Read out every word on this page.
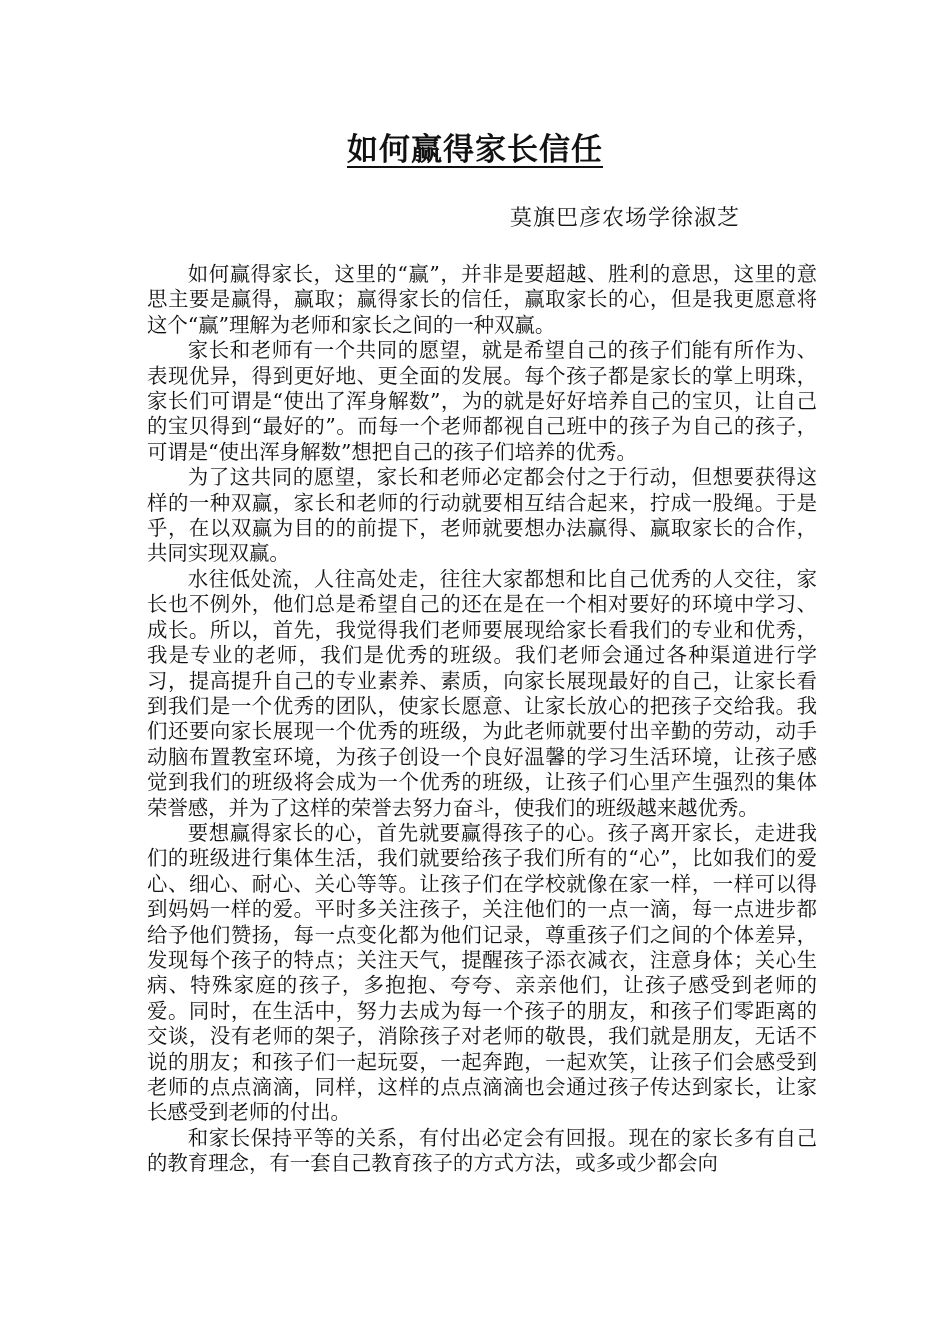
如何赢得家长信任
莫旗巴彦农场学徐淑芝

如何赢得家长，这里的“赢”，并非是要超越、胜利的意思，这里的意思主要是赢得，赢取；赢得家长的信任，赢取家长的心，但是我更愿意将这个“赢”理解为老师和家长之间的一种双赢。

家长和老师有一个共同的愿望，就是希望自己的孩子们能有所作为、表现优异，得到更好地、更全面的发展。每个孩子都是家长的掌上明珠，家长们可谓是“使出了浑身解数”，为的就是好好培养自己的宝贝，让自己的宝贝得到“最好的”。而每一个老师都视自己班中的孩子为自己的孩子，可谓是“使出浑身解数”想把自己的孩子们培养的优秀。

为了这共同的愿望，家长和老师必定都会付之于行动，但想要获得这样的一种双赢，家长和老师的行动就要相互结合起来，拧成一股绳。于是乎，在以双赢为目的的前提下，老师就要想办法赢得、赢取家长的合作，共同实现双赢。

水往低处流，人往高处走，往往大家都想和比自己优秀的人交往，家长也不例外，他们总是希望自己的还在是在一个相对要好的环境中学习、成长。所以，首先，我觉得我们老师要展现给家长看我们的专业和优秀，我是专业的老师，我们是优秀的班级。我们老师会通过各种渠道进行学习，提高提升自己的专业素养、素质，向家长展现最好的自己，让家长看到我们是一个优秀的团队，使家长愿意、让家长放心的把孩子交给我。我们还要向家长展现一个优秀的班级，为此老师就要付出辛勤的劳动，动手动脑布置教室环境，为孩子创设一个良好温馨的学习生活环境，让孩子感觉到我们的班级将会成为一个优秀的班级，让孩子们心里产生强烈的集体荣誉感，并为了这样的荣誉去努力奋斗，使我们的班级越来越优秀。

要想赢得家长的心，首先就要赢得孩子的心。孩子离开家长，走进我们的班级进行集体生活，我们就要给孩子我们所有的“心”，比如我们的爱心、细心、耐心、关心等等。让孩子们在学校就像在家一样，一样可以得到妈妈一样的爱。平时多关注孩子，关注他们的一点一滴，每一点进步都给予他们赞扬，每一点变化都为他们记录，尊重孩子们之间的个体差异，发现每个孩子的特点；关注天气，提醒孩子添衣减衣，注意身体；关心生病、特殊家庭的孩子，多抱抱、夸夸、亲亲他们，让孩子感受到老师的爱。同时，在生活中，努力去成为每一个孩子的朋友，和孩子们零距离的交谈，没有老师的架子，消除孩子对老师的敬畏，我们就是朋友，无话不说的朋友；和孩子们一起玩耍，一起奔跑，一起欢笑，让孩子们会感受到老师的点点滴滴，同样，这样的点点滴滴也会通过孩子传达到家长，让家长感受到老师的付出。

和家长保持平等的关系，有付出必定会有回报。现在的家长多有自己的教育理念，有一套自己教育孩子的方式方法，或多或少都会向
